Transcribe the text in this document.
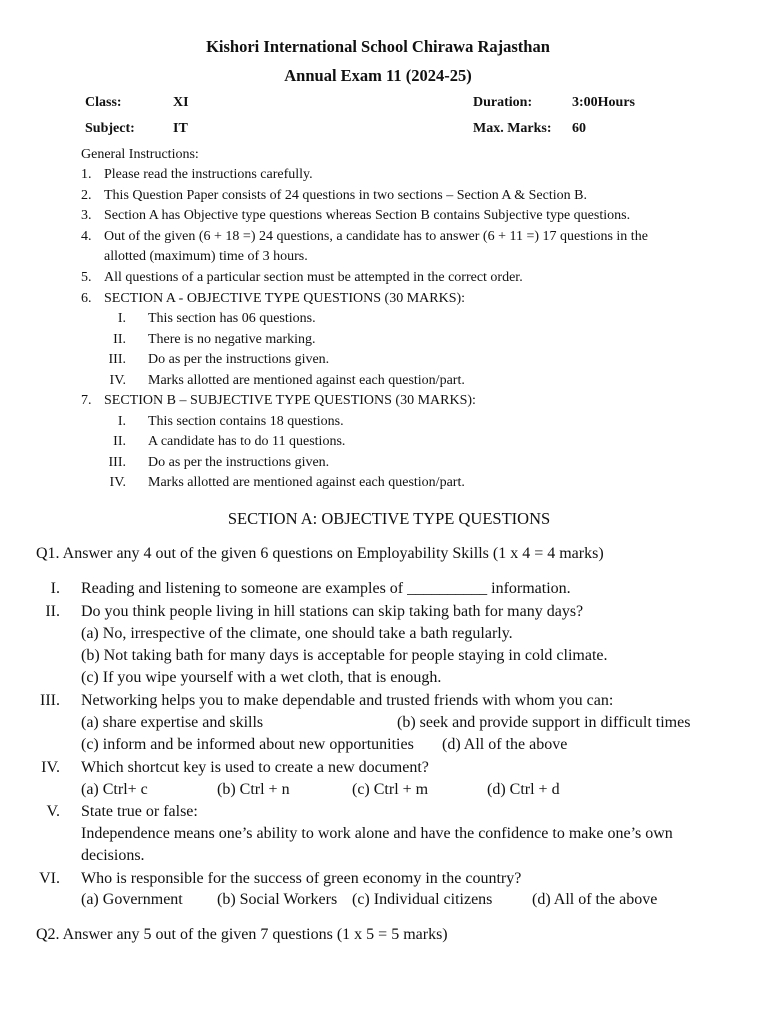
Kishori International School Chirawa Rajasthan
Annual Exam 11 (2024-25)
Class:	XI	Duration:	3:00Hours
Subject:	IT	Max. Marks: 60
General Instructions:
1. Please read the instructions carefully.
2. This Question Paper consists of 24 questions in two sections – Section A & Section B.
3. Section A has Objective type questions whereas Section B contains Subjective type questions.
4. Out of the given (6 + 18 =) 24 questions, a candidate has to answer (6 + 11 =) 17 questions in the
allotted (maximum) time of 3 hours.
5. All questions of a particular section must be attempted in the correct order.
6. SECTION A - OBJECTIVE TYPE QUESTIONS (30 MARKS):
I. This section has 06 questions.
II. There is no negative marking.
III. Do as per the instructions given.
IV. Marks allotted are mentioned against each question/part.
7. SECTION B – SUBJECTIVE TYPE QUESTIONS (30 MARKS):
I. This section contains 18 questions.
II. A candidate has to do 11 questions.
III. Do as per the instructions given.
IV. Marks allotted are mentioned against each question/part.
SECTION A: OBJECTIVE TYPE QUESTIONS
Q1. Answer any 4 out of the given 6 questions on Employability Skills (1 x 4 = 4 marks)
I. Reading and listening to someone are examples of __________ information.
II. Do you think people living in hill stations can skip taking bath for many days?
(a) No, irrespective of the climate, one should take a bath regularly.
(b) Not taking bath for many days is acceptable for people staying in cold climate.
(c) If you wipe yourself with a wet cloth, that is enough.
III. Networking helps you to make dependable and trusted friends with whom you can:
(a) share expertise and skills	(b) seek and provide support in difficult times
(c) inform and be informed about new opportunities (d) All of the above
IV. Which shortcut key is used to create a new document?
(a) Ctrl+ c	(b) Ctrl + n	(c) Ctrl + m	(d) Ctrl + d
V. State true or false:
Independence means one’s ability to work alone and have the confidence to make one’s own
decisions.
VI. Who is responsible for the success of green economy in the country?
(a) Government (b) Social Workers (c) Individual citizens (d) All of the above
Q2. Answer any 5 out of the given 7 questions (1 x 5 = 5 marks)
